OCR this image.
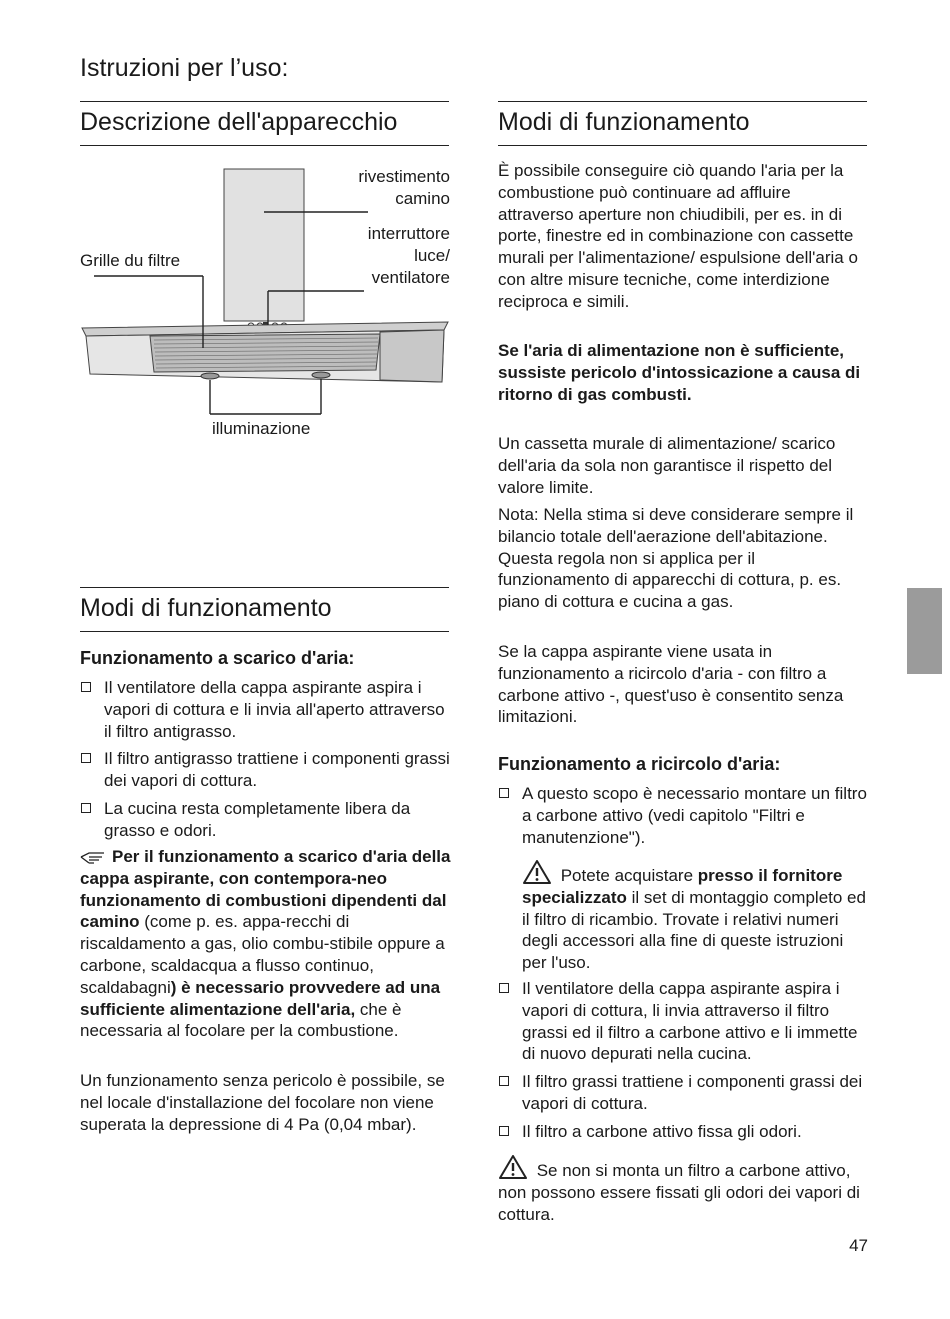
Istruzioni per l’uso:
Descrizione dell'apparecchio
rivestimento
camino
interruttore
luce/
ventilatore
Grille du filtre
illuminazione
Modi di funzionamento
Funzionamento a scarico d'aria:
Il ventilatore della cappa aspirante aspira i vapori di cottura e li invia all'aperto attraverso il filtro antigrasso.
Il filtro antigrasso trattiene i componenti grassi dei vapori di cottura.
La cucina resta completamente libera da grasso e odori.
Per il funzionamento a scarico d'aria della cappa aspirante, con contempora-neo funzionamento di combustioni dipendenti dal camino (come p. es. appa-recchi di riscaldamento a gas, olio combu-stibile oppure a carbone, scaldacqua a flusso continuo, scaldabagni) è necessario provvedere ad una sufficiente alimentazione dell'aria, che è necessaria al focolare per la combustione.
Un funzionamento senza pericolo è possibile, se nel locale d'installazione del focolare non viene superata la depressione di 4 Pa (0,04 mbar).
Modi di funzionamento
È possibile conseguire ciò quando l'aria per la combustione può continuare ad affluire attraverso aperture non chiudibili, per es. in di porte, finestre ed in combinazione con cassette murali per l'alimentazione/ espulsione dell'aria o con altre misure tecniche, come interdizione reciproca e simili.
Se l'aria di alimentazione non è sufficiente, sussiste pericolo d'intossicazione a causa di ritorno di gas combusti.
Un cassetta murale di alimentazione/ scarico dell'aria da sola non garantisce il rispetto del valore limite.
Nota: Nella stima si deve considerare sempre il bilancio totale dell'aerazione dell'abitazione. Questa regola non si applica per il funzionamento di apparecchi di cottura, p. es. piano di cottura e cucina a gas.
Se la cappa aspirante viene usata in funzionamento a ricircolo d'aria - con filtro a carbone attivo -, quest'uso è consentito senza limitazioni.
Funzionamento a ricircolo d'aria:
A questo scopo è necessario montare un filtro a carbone attivo (vedi capitolo "Filtri e manutenzione").
Potete acquistare presso il fornitore specializzato il set di montaggio completo ed il filtro di ricambio. Trovate i relativi numeri degli accessori alla fine di queste istruzioni per l'uso.
Il ventilatore della cappa aspirante aspira i vapori di cottura, li invia attraverso il filtro grassi ed il filtro a carbone attivo e li immette di nuovo depurati nella cucina.
Il filtro grassi trattiene i componenti grassi dei vapori di cottura.
Il filtro a carbone attivo fissa gli odori.
Se non si monta un filtro a carbone attivo, non possono essere fissati gli odori dei vapori di cottura.
47
